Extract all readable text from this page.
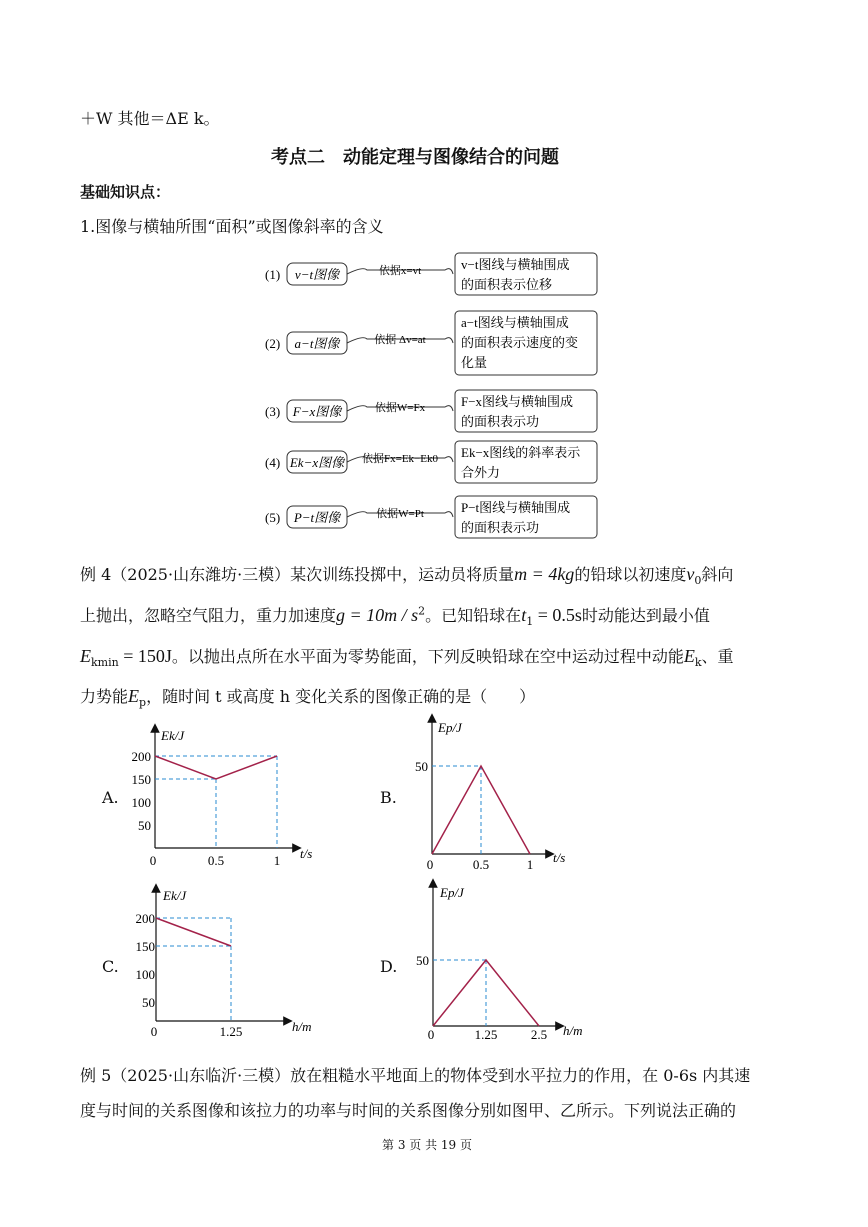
＋W 其他＝ΔE k。
考点二　动能定理与图像结合的问题
基础知识点：
1.图像与横轴所围“面积”或图像斜率的含义
(1) v−t图像	依据x=vt	v−t图线与横轴围成
的面积表示位移
(2) a−t图像	依据 Δv=at
a−t图线与横轴围成
的面积表示速度的变
化量
(3) F−x图像	依据W=Fx	F−x图线与横轴围成
的面积表示功
(4) Ek−x图像 依据Fx=Ek−Ek0 Ek−x图线的斜率表示
合外力
(5) P−t图像	依据W=Pt	P−t图线与横轴围成
的面积表示功
例 4（2025·山东潍坊·三模）某次训练投掷中，运动员将质量m = 4kg的铅球以初速度$v_0$斜向
上抛出，忽略空气阻力，重力加速度$g = 10m / s^2$。已知铅球在$t_1 = 0.5s$时动能达到最小值
$E_{kmin} = 150J$。以抛出点所在水平面为零势能面，下列反映铅球在空中运动过程中动能$E_k$、重
力势能$E_p$，随时间 t 或高度 h 变化关系的图像正确的是（　　）
A.
Ek/J
t/s
200
150
100
50
0	0.5	1
B.
Ep/J
t/s
50
0	0.5	1
C.
Ek/J
h/m
200
150
100
50
0	1.25
D.
Ep/J
h/m
50
0	1.25	2.5
例 5（2025·山东临沂·三模）放在粗糙水平地面上的物体受到水平拉力的作用，在 0-6s 内其速
度与时间的关系图像和该拉力的功率与时间的关系图像分别如图甲、乙所示。下列说法正确的
第 3 页 共 19 页
